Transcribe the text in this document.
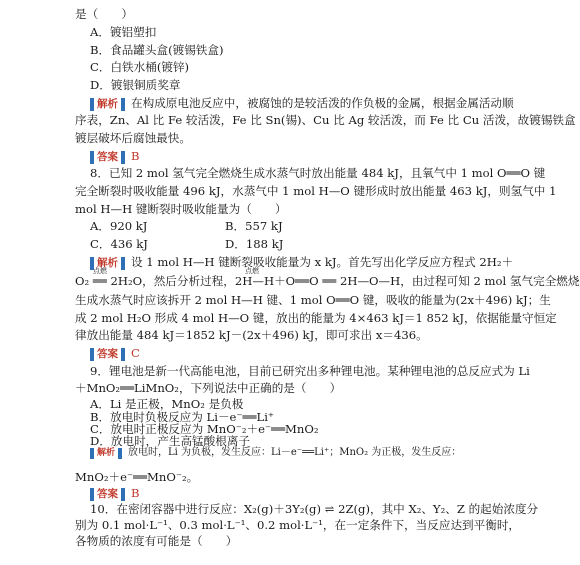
是（　　）
A．镀铝塑扣
B．食品罐头盒(镀锡铁盒)
C．白铁水桶(镀锌)
D．镀银铜质奖章
解析 在构成原电池反应中，被腐蚀的是较活泼的作负极的金属，根据金属活动顺
序表，Zn、Al 比 Fe 较活泼，Fe 比 Sn(锡)、Cu 比 Ag 较活泼，而 Fe 比 Cu 活泼，故镀锡铁盒
镀层破坏后腐蚀最快。
答案 B
8．已知 2 mol 氢气完全燃烧生成水蒸气时放出能量 484 kJ，且氧气中 1 mol O══O 键
完全断裂时吸收能量 496 kJ，水蒸气中 1 mol H—O 键形成时放出能量 463 kJ，则氢气中 1
mol H—H 键断裂时吸收能量为（　　）
A．920 kJ	B．557 kJ
C．436 kJ	D．188 kJ
解析 设 1 mol H—H 键断裂吸收能量为 x kJ。首先写出化学反应方程式 2H₂＋
点燃	点燃
O₂ ══ 2H₂O，然后分析过程，2H—H＋O══O ══ 2H—O—H，由过程可知 2 mol 氢气完全燃烧
生成水蒸气时应该拆开 2 mol H—H 键、1 mol O══O 键，吸收的能量为(2x＋496) kJ；生
成 2 mol H₂O 形成 4 mol H—O 键，放出的能量为 4×463 kJ＝1 852 kJ，依据能量守恒定
律放出能量 484 kJ＝1852 kJ－(2x＋496) kJ，即可求出 x＝436。
答案 C
9．锂电池是新一代高能电池，目前已研究出多种锂电池。某种锂电池的总反应式为 Li
＋MnO₂══LiMnO₂，下列说法中正确的是（　　）
A．Li 是正极，MnO₂ 是负极
B．放电时负极反应为 Li－e⁻══Li⁺
C．放电时正极反应为 MnO⁻₂＋e⁻══MnO₂
D．放电时，产生高锰酸根离子
解析 放电时，Li 为负极，发生反应：Li－e⁻══Li⁺；MnO₂ 为正极，发生反应：
MnO₂＋e⁻══MnO⁻₂。
答案 B
10．在密闭容器中进行反应：X₂(g)＋3Y₂(g) ⇌ 2Z(g)，其中 X₂、Y₂、Z 的起始浓度分
别为 0.1 mol·L⁻¹、0.3 mol·L⁻¹、0.2 mol·L⁻¹，在一定条件下，当反应达到平衡时，
各物质的浓度有可能是（　　）
